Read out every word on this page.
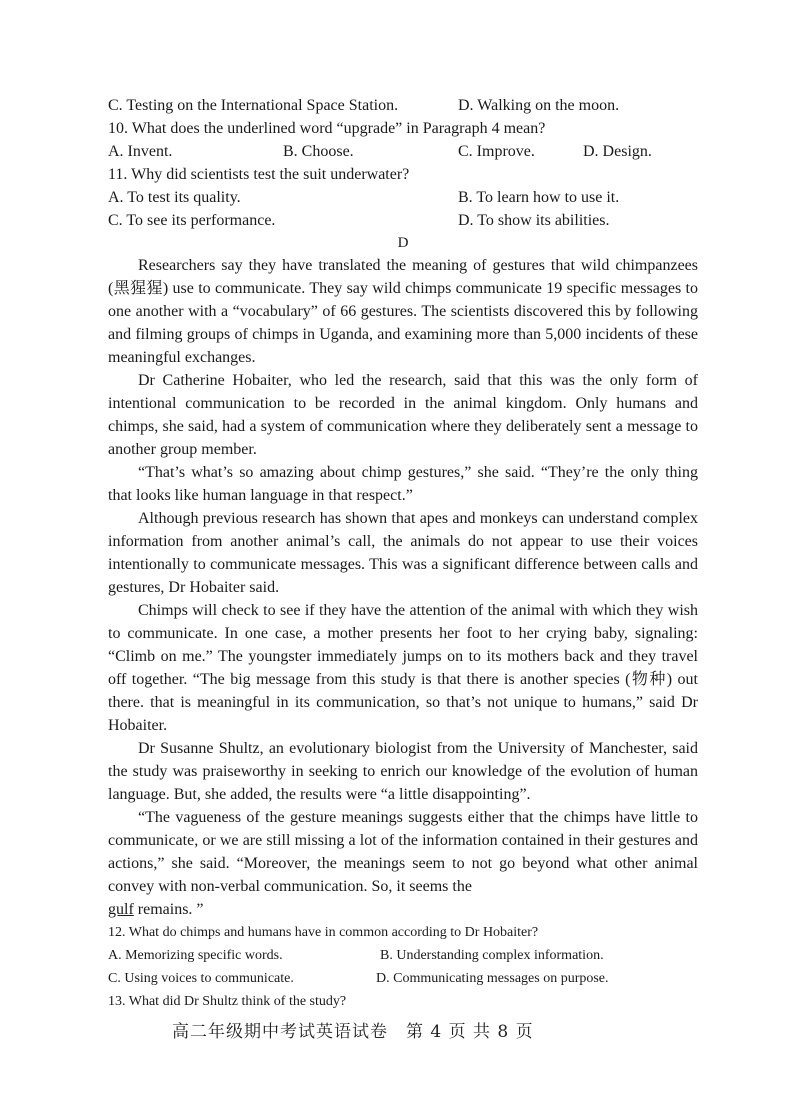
C. Testing on the International Space Station.	D. Walking on the moon.
10. What does the underlined word “upgrade” in Paragraph 4 mean?
A. Invent.	B. Choose.	C. Improve.	D. Design.
11. Why did scientists test the suit underwater?
A. To test its quality.	B. To learn how to use it.
C. To see its performance.	D. To show its abilities.
D

Researchers say they have translated the meaning of gestures that wild chimpanzees (黑猩猩) use to communicate. They say wild chimps communicate 19 specific messages to one another with a “vocabulary” of 66 gestures. The scientists discovered this by following and filming groups of chimps in Uganda, and examining more than 5,000 incidents of these meaningful exchanges.

Dr Catherine Hobaiter, who led the research, said that this was the only form of intentional communication to be recorded in the animal kingdom. Only humans and chimps, she said, had a system of communication where they deliberately sent a message to another group member.

“That’s what’s so amazing about chimp gestures,” she said. “They’re the only thing that looks like human language in that respect.”

Although previous research has shown that apes and monkeys can understand complex information from another animal’s call, the animals do not appear to use their voices intentionally to communicate messages. This was a significant difference between calls and gestures, Dr Hobaiter said.

Chimps will check to see if they have the attention of the animal with which they wish to communicate. In one case, a mother presents her foot to her crying baby, signaling: “Climb on me.” The youngster immediately jumps on to its mothers back and they travel off together. “The big message from this study is that there is another species (物种) out there. that is meaningful in its communication, so that’s not unique to humans,” said Dr Hobaiter.

Dr Susanne Shultz, an evolutionary biologist from the University of Manchester, said the study was praiseworthy in seeking to enrich our knowledge of the evolution of human language. But, she added, the results were “a little disappointing”.

“The vagueness of the gesture meanings suggests either that the chimps have little to communicate, or we are still missing a lot of the information contained in their gestures and actions,” she said. “Moreover, the meanings seem to not go beyond what other animal convey with non-verbal communication. So, it seems the

gulf remains. ”
12. What do chimps and humans have in common according to Dr Hobaiter?
A. Memorizing specific words.	B. Understanding complex information.
C. Using voices to communicate.	D. Communicating messages on purpose.
13. What did Dr Shultz think of the study?
高二年级期中考试英语试卷　第 4 页 共 8 页
